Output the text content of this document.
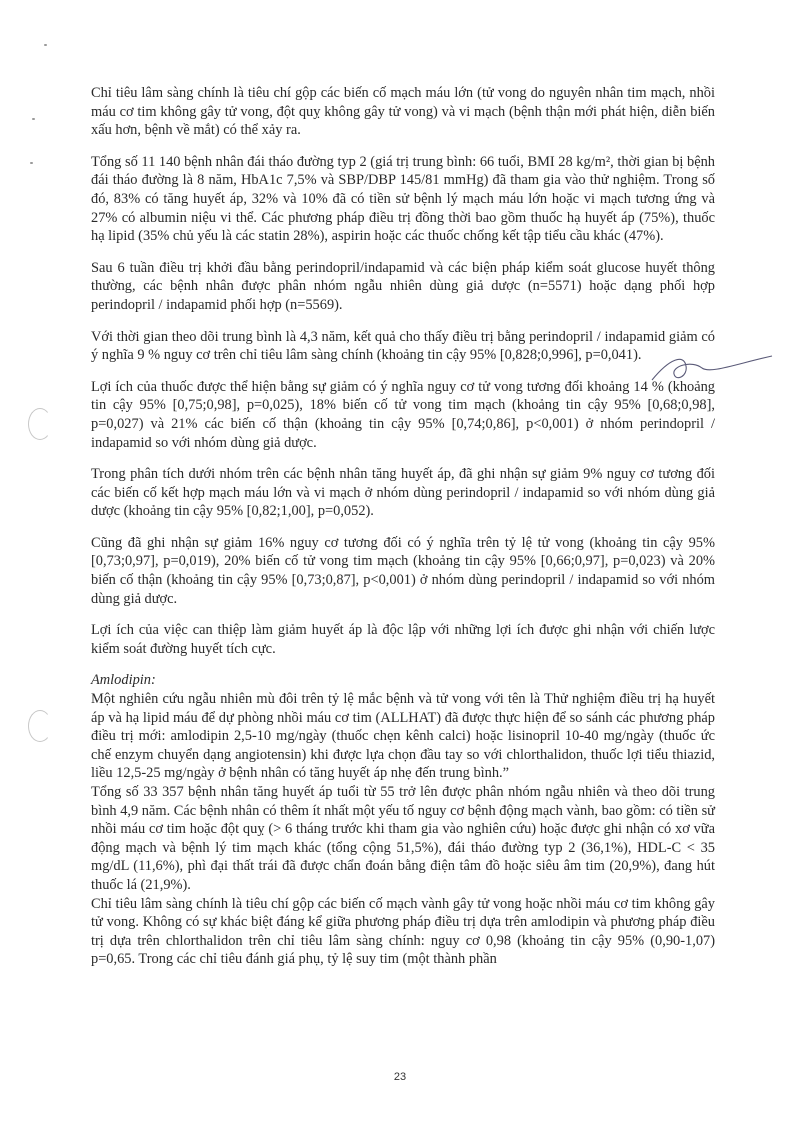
Chỉ tiêu lâm sàng chính là tiêu chí gộp các biến cố mạch máu lớn (tử vong do nguyên nhân tim mạch, nhồi máu cơ tim không gây tử vong, đột quỵ không gây tử vong) và vi mạch (bệnh thận mới phát hiện, diễn biến xấu hơn, bệnh về mắt) có thể xảy ra.

Tổng số 11 140 bệnh nhân đái tháo đường typ 2 (giá trị trung bình: 66 tuổi, BMI 28 kg/m², thời gian bị bệnh đái tháo đường là 8 năm, HbA1c 7,5% và SBP/DBP 145/81 mmHg) đã tham gia vào thử nghiệm. Trong số đó, 83% có tăng huyết áp, 32% và 10% đã có tiền sử bệnh lý mạch máu lớn hoặc vi mạch tương ứng và 27% có albumin niệu vi thể. Các phương pháp điều trị đồng thời bao gồm thuốc hạ huyết áp (75%), thuốc hạ lipid (35% chủ yếu là các statin 28%), aspirin hoặc các thuốc chống kết tập tiểu cầu khác (47%).

Sau 6 tuần điều trị khởi đầu bằng perindopril/indapamid và các biện pháp kiểm soát glucose huyết thông thường, các bệnh nhân được phân nhóm ngẫu nhiên dùng giả dược (n=5571) hoặc dạng phối hợp perindopril / indapamid phối hợp (n=5569).

Với thời gian theo dõi trung bình là 4,3 năm, kết quả cho thấy điều trị bằng perindopril / indapamid giảm có ý nghĩa 9 % nguy cơ trên chỉ tiêu lâm sàng chính (khoảng tin cậy 95% [0,828;0,996], p=0,041).

Lợi ích của thuốc được thể hiện bằng sự giảm có ý nghĩa nguy cơ tử vong tương đối khoảng 14 % (khoảng tin cậy 95% [0,75;0,98], p=0,025), 18% biến cố tử vong tim mạch (khoảng tin cậy 95% [0,68;0,98], p=0,027) và 21% các biến cố thận (khoảng tin cậy 95% [0,74;0,86], p<0,001) ở nhóm perindopril / indapamid so với nhóm dùng giả dược.

Trong phân tích dưới nhóm trên các bệnh nhân tăng huyết áp, đã ghi nhận sự giảm 9% nguy cơ tương đối các biến cố kết hợp mạch máu lớn và vi mạch ở nhóm dùng perindopril / indapamid so với nhóm dùng giả dược (khoảng tin cậy 95% [0,82;1,00], p=0,052).

Cũng đã ghi nhận sự giảm 16% nguy cơ tương đối có ý nghĩa trên tỷ lệ tử vong (khoảng tin cậy 95% [0,73;0,97], p=0,019), 20% biến cố tử vong tim mạch (khoảng tin cậy 95% [0,66;0,97], p=0,023) và 20% biến cố thận (khoảng tin cậy 95% [0,73;0,87], p<0,001) ở nhóm dùng perindopril / indapamid so với nhóm dùng giả dược.

Lợi ích của việc can thiệp làm giảm huyết áp là độc lập với những lợi ích được ghi nhận với chiến lược kiểm soát đường huyết tích cực.

Amlodipin:

Một nghiên cứu ngẫu nhiên mù đôi trên tỷ lệ mắc bệnh và tử vong với tên là Thử nghiệm điều trị hạ huyết áp và hạ lipid máu để dự phòng nhồi máu cơ tim (ALLHAT) đã được thực hiện để so sánh các phương pháp điều trị mới: amlodipin 2,5-10 mg/ngày (thuốc chẹn kênh calci) hoặc lisinopril 10-40 mg/ngày (thuốc ức chế enzym chuyển dạng angiotensin) khi được lựa chọn đầu tay so với chlorthalidon, thuốc lợi tiểu thiazid, liều 12,5-25 mg/ngày ở bệnh nhân có tăng huyết áp nhẹ đến trung bình.”

Tổng số 33 357 bệnh nhân tăng huyết áp tuổi từ 55 trở lên được phân nhóm ngẫu nhiên và theo dõi trung bình 4,9 năm. Các bệnh nhân có thêm ít nhất một yếu tố nguy cơ bệnh động mạch vành, bao gồm: có tiền sử nhồi máu cơ tim hoặc đột quỵ (> 6 tháng trước khi tham gia vào nghiên cứu) hoặc được ghi nhận có xơ vữa động mạch và bệnh lý tim mạch khác (tổng cộng 51,5%), đái tháo đường typ 2 (36,1%), HDL-C < 35 mg/dL (11,6%), phì đại thất trái đã được chẩn đoán bằng điện tâm đồ hoặc siêu âm tim (20,9%), đang hút thuốc lá (21,9%).

Chỉ tiêu lâm sàng chính là tiêu chí gộp các biến cố mạch vành gây tử vong hoặc nhồi máu cơ tim không gây tử vong. Không có sự khác biệt đáng kể giữa phương pháp điều trị dựa trên amlodipin và phương pháp điều trị dựa trên chlorthalidon trên chỉ tiêu lâm sàng chính: nguy cơ 0,98 (khoảng tin cậy 95% (0,90-1,07) p=0,65. Trong các chỉ tiêu đánh giá phụ, tỷ lệ suy tim (một thành phần

23
